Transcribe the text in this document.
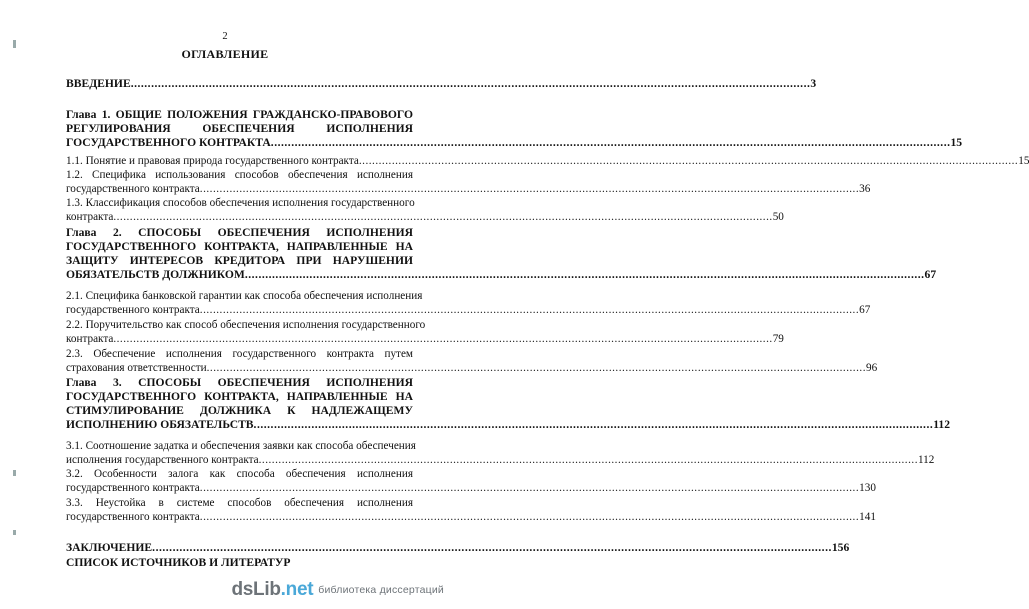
2
ОГЛАВЛЕНИЕ
ВВЕДЕНИЕ ........................................................................................................................................................................................................ 3
Глава 1. ОБЩИЕ ПОЛОЖЕНИЯ ГРАЖДАНСКО-ПРАВОВОГО
РЕГУЛИРОВАНИЯ ОБЕСПЕЧЕНИЯ ИСПОЛНЕНИЯ
ГОСУДАРСТВЕННОГО КОНТРАКТА ........................................................................................................................................................................................................ 15
1.1. Понятие и правовая природа государственного контракта ........................................................................................................................................................................................................ 15
1.2. Специфика использования способов обеспечения исполнения
государственного контракта ........................................................................................................................................................................................................ 36
1.3. Классификация способов обеспечения исполнения государственного
контракта ........................................................................................................................................................................................................ 50
Глава 2. СПОСОБЫ ОБЕСПЕЧЕНИЯ ИСПОЛНЕНИЯ
ГОСУДАРСТВЕННОГО КОНТРАКТА, НАПРАВЛЕННЫЕ НА
ЗАЩИТУ ИНТЕРЕСОВ КРЕДИТОРА ПРИ НАРУШЕНИИ
ОБЯЗАТЕЛЬСТВ ДОЛЖНИКОМ ........................................................................................................................................................................................................ 67
2.1. Специфика банковской гарантии как способа обеспечения исполнения
государственного контракта ........................................................................................................................................................................................................ 67
2.2. Поручительство как способ обеспечения исполнения государственного
контракта ........................................................................................................................................................................................................ 79
2.3. Обеспечение исполнения государственного контракта путем
страхования ответственности ........................................................................................................................................................................................................ 96
Глава 3. СПОСОБЫ ОБЕСПЕЧЕНИЯ ИСПОЛНЕНИЯ
ГОСУДАРСТВЕННОГО КОНТРАКТА, НАПРАВЛЕННЫЕ НА
СТИМУЛИРОВАНИЕ ДОЛЖНИКА К НАДЛЕЖАЩЕМУ
ИСПОЛНЕНИЮ ОБЯЗАТЕЛЬСТВ ........................................................................................................................................................................................................ 112
3.1. Соотношение задатка и обеспечения заявки как способа обеспечения
исполнения государственного контракта ........................................................................................................................................................................................................ 112
3.2. Особенности залога как способа обеспечения исполнения
государственного контракта ........................................................................................................................................................................................................ 130
3.3. Неустойка в системе способов обеспечения исполнения
государственного контракта ........................................................................................................................................................................................................ 141
ЗАКЛЮЧЕНИЕ ........................................................................................................................................................................................................ 156
СПИСОК ИСТОЧНИКОВ И ЛИТЕРАТУР
dsLib.net библиотека диссертаций
